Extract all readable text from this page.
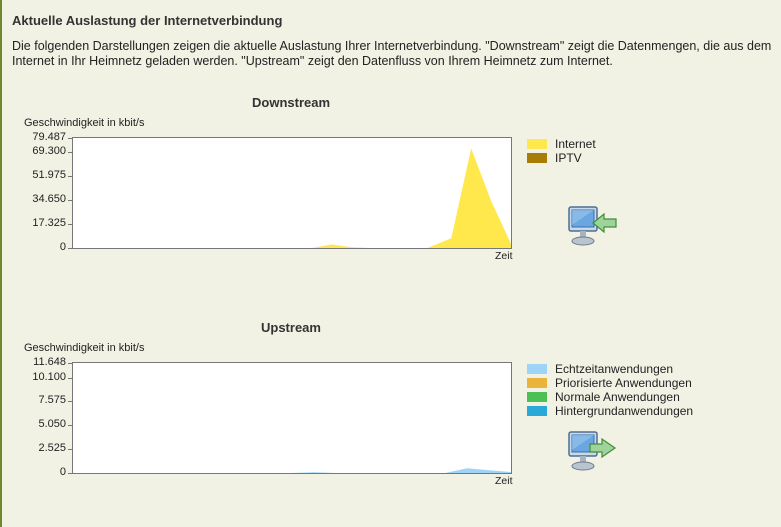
Aktuelle Auslastung der Internetverbindung
Die folgenden Darstellungen zeigen die aktuelle Auslastung Ihrer Internetverbindung. "Downstream" zeigt die Datenmengen, die aus dem Internet in Ihr Heimnetz geladen werden. "Upstream" zeigt den Datenfluss von Ihrem Heimnetz zum Internet.
Downstream
Geschwindigkeit in kbit/s
79.487
69.300
51.975
34.650
17.325
0
Zeit
Internet
IPTV
Upstream
Geschwindigkeit in kbit/s
11.648
10.100
7.575
5.050
2.525
0
Zeit
Echtzeitanwendungen
Priorisierte Anwendungen
Normale Anwendungen
Hintergrundanwendungen
